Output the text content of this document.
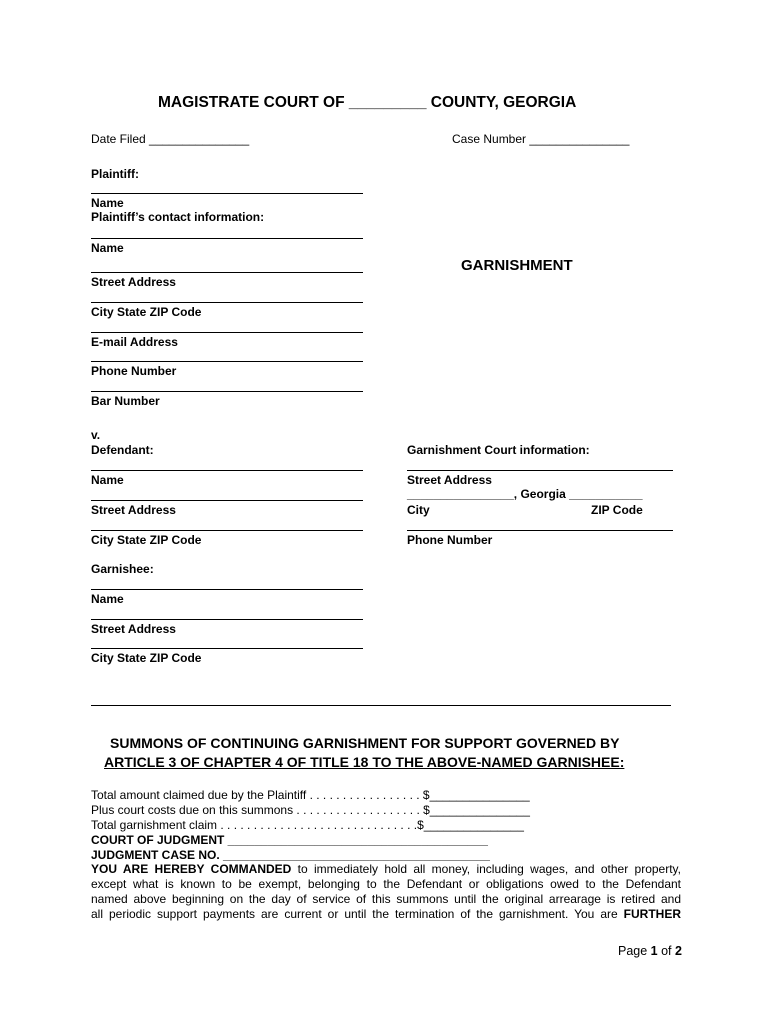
MAGISTRATE COURT OF _________ COUNTY, GEORGIA
Date Filed _______________	Case Number _______________
Plaintiff:
Name
Plaintiff’s contact information:
Name
Street Address
City State ZIP Code
E-mail Address
Phone Number
Bar Number
GARNISHMENT
v.
Defendant:
Name
Street Address
City State ZIP Code
Garnishment Court information:
Street Address
________________, Georgia ___________
City	ZIP Code
Phone Number
Garnishee:
Name
Street Address
City State ZIP Code
SUMMONS OF CONTINUING GARNISHMENT FOR SUPPORT GOVERNED BY
ARTICLE 3 OF CHAPTER 4 OF TITLE 18 TO THE ABOVE-NAMED GARNISHEE:
Total amount claimed due by the Plaintiff . . . . . . . . . . . . . . . . . $_______________
Plus court costs due on this summons . . . . . . . . . . . . . . . . . . . $_______________
Total garnishment claim . . . . . . . . . . . . . . . . . . . . . . . . . . . . . .$_______________
COURT OF JUDGMENT _______________________________________
JUDGMENT CASE NO. ________________________________________
YOU ARE HEREBY COMMANDED to immediately hold all money, including wages, and other property,
except what is known to be exempt, belonging to the Defendant or obligations owed to the Defendant
named above beginning on the day of service of this summons until the original arrearage is retired and
all periodic support payments are current or until the termination of the garnishment. You are FURTHER
Page 1 of 2
